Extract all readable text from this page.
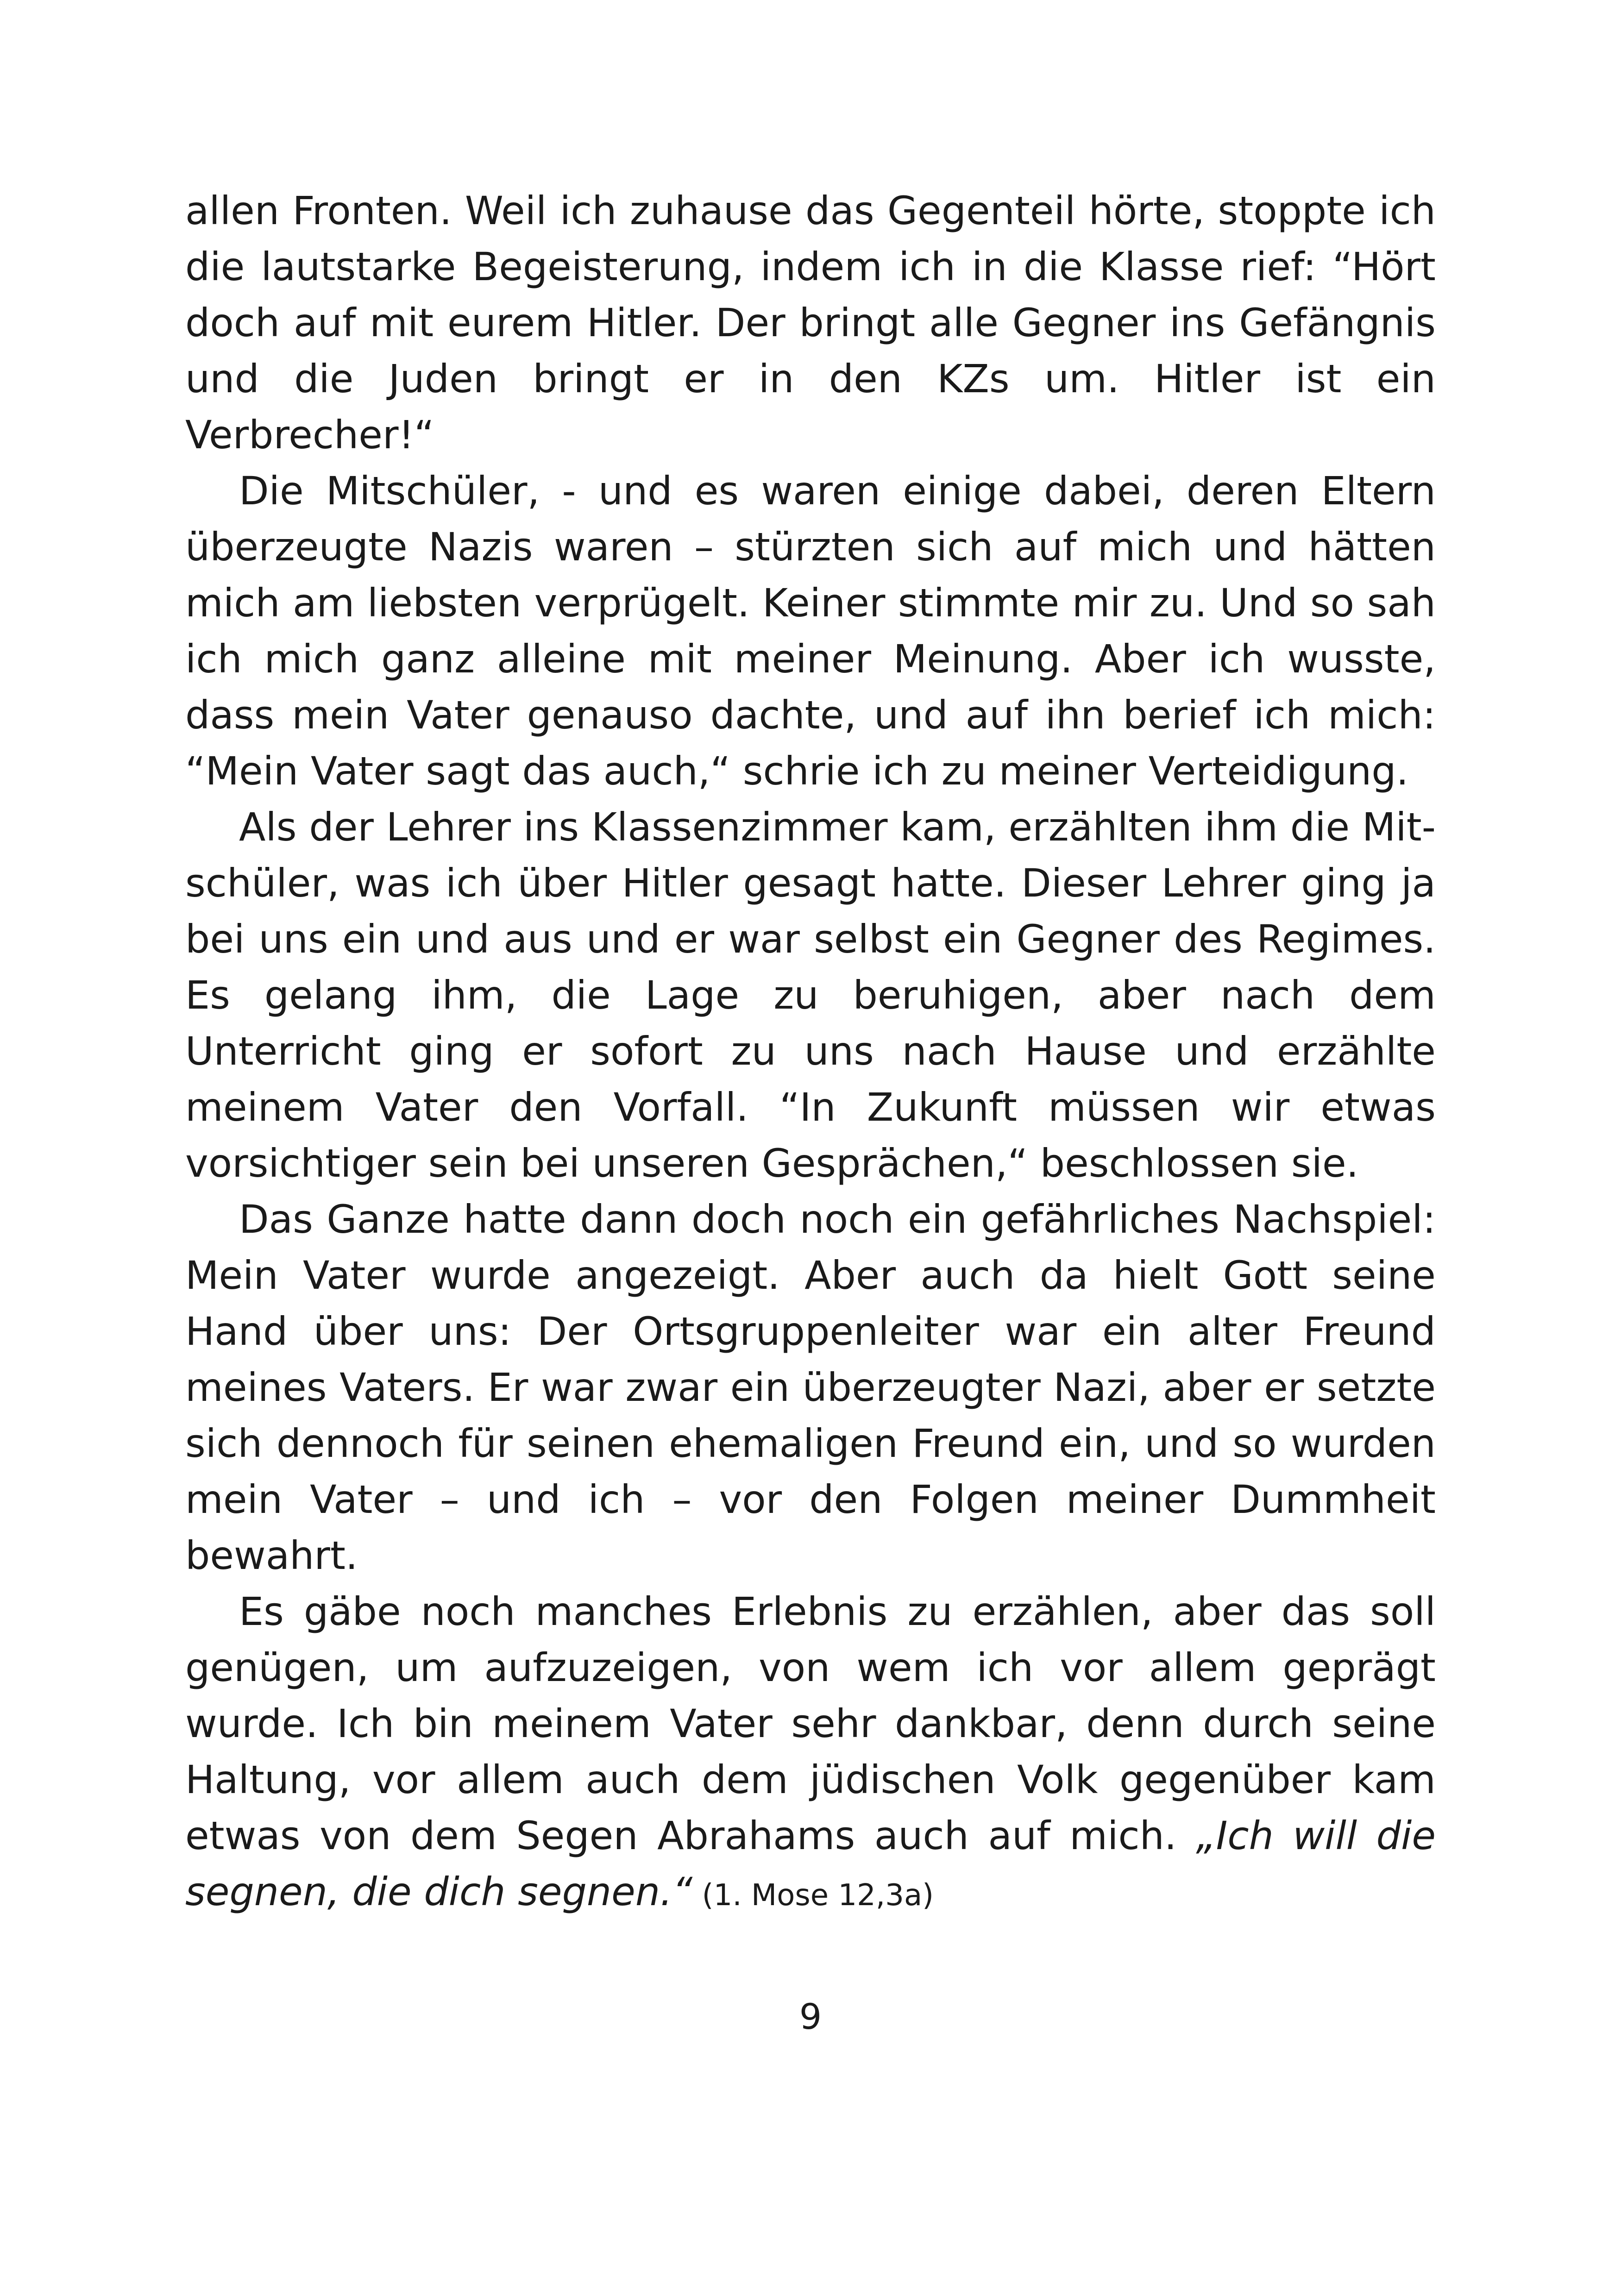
allen Fronten. Weil ich zuhause das Gegenteil hörte, stoppte ich die lautstarke Begeisterung, indem ich in die Klasse rief: “Hört doch auf mit eurem Hitler. Der bringt alle Gegner ins Gefängnis und die Juden bringt er in den KZs um. Hitler ist ein Verbrecher!“

Die Mitschüler, - und es waren einige dabei, deren Eltern überzeugte Nazis waren – stürzten sich auf mich und hätten mich am liebsten verprügelt. Keiner stimmte mir zu. Und so sah ich mich ganz alleine mit meiner Meinung. Aber ich wusste, dass mein Vater genauso dachte, und auf ihn berief ich mich: “Mein Vater sagt das auch,“ schrie ich zu meiner Verteidigung.

Als der Lehrer ins Klassenzimmer kam, erzählten ihm die Mitschüler, was ich über Hitler gesagt hatte. Dieser Lehrer ging ja bei uns ein und aus und er war selbst ein Gegner des Regimes. Es gelang ihm, die Lage zu beruhigen, aber nach dem Unterricht ging er sofort zu uns nach Hause und erzählte meinem Vater den Vorfall. “In Zukunft müssen wir etwas vorsichtiger sein bei unseren Gesprächen,“ beschlossen sie.

Das Ganze hatte dann doch noch ein gefährliches Nachspiel: Mein Vater wurde angezeigt. Aber auch da hielt Gott seine Hand über uns: Der Ortsgruppenleiter war ein alter Freund meines Vaters. Er war zwar ein überzeugter Nazi, aber er setzte sich dennoch für seinen ehemaligen Freund ein, und so wurden mein Vater – und ich – vor den Folgen meiner Dummheit bewahrt.

Es gäbe noch manches Erlebnis zu erzählen, aber das soll genügen, um aufzuzeigen, von wem ich vor allem geprägt wurde. Ich bin meinem Vater sehr dankbar, denn durch seine Haltung, vor allem auch dem jüdischen Volk gegenüber kam etwas von dem Segen Abrahams auch auf mich. „Ich will die segnen, die dich segnen.“ (1. Mose 12,3a)

9
